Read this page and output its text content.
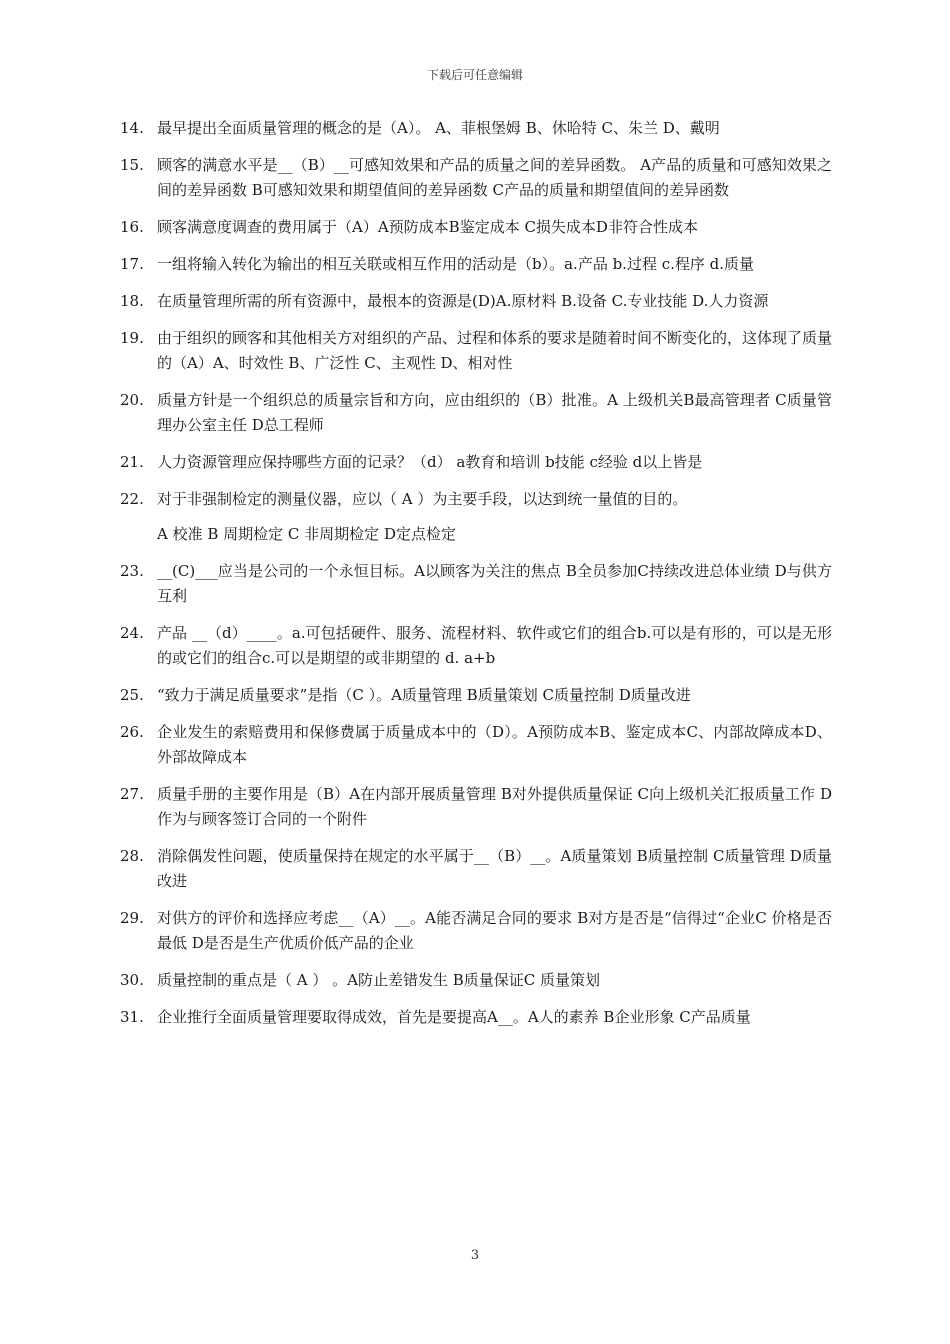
下载后可任意编辑
14. 最早提出全面质量管理的概念的是（A）。 A、菲根堡姆 B、休哈特 C、朱兰 D、戴明
15. 顾客的满意水平是__（B）__可感知效果和产品的质量之间的差异函数。 A产品的质量和可感知效果之间的差异函数 B可感知效果和期望值间的差异函数 C产品的质量和期望值间的差异函数
16. 顾客满意度调查的费用属于（A）A预防成本B鉴定成本 C损失成本D非符合性成本
17. 一组将输入转化为输出的相互关联或相互作用的活动是（b）。a.产品 b.过程 c.程序 d.质量
18. 在质量管理所需的所有资源中，最根本的资源是(D)A.原材料 B.设备 C.专业技能 D.人力资源
19. 由于组织的顾客和其他相关方对组织的产品、过程和体系的要求是随着时间不断变化的，这体现了质量的（A）A、时效性 B、广泛性 C、主观性 D、相对性
20. 质量方针是一个组织总的质量宗旨和方向，应由组织的（B）批准。A 上级机关B最高管理者 C质量管理办公室主任 D总工程师
21. 人力资源管理应保持哪些方面的记录？（d） a教育和培训 b技能 c经验 d以上皆是
22. 对于非强制检定的测量仪器，应以（ A ）为主要手段，以达到统一量值的目的。
A 校准 B 周期检定 C 非周期检定 D定点检定
23. __(C)___应当是公司的一个永恒目标。A以顾客为关注的焦点 B全员参加C持续改进总体业绩 D与供方互利
24. 产品 __（d）____。a.可包括硬件、服务、流程材料、软件或它们的组合b.可以是有形的，可以是无形的或它们的组合c.可以是期望的或非期望的 d. a+b
25. “致力于满足质量要求”是指（C ）。A质量管理 B质量策划 C质量控制 D质量改进
26. 企业发生的索赔费用和保修费属于质量成本中的（D）。A预防成本B、鉴定成本C、内部故障成本D、外部故障成本
27. 质量手册的主要作用是（B）A在内部开展质量管理 B对外提供质量保证 C向上级机关汇报质量工作 D作为与顾客签订合同的一个附件
28. 消除偶发性问题，使质量保持在规定的水平属于__（B）__。A质量策划 B质量控制 C质量管理 D质量改进
29. 对供方的评价和选择应考虑__（A）__。A能否满足合同的要求 B对方是否是“信得过“企业C 价格是否最低 D是否是生产优质价低产品的企业
30. 质量控制的重点是（ A ） 。A防止差错发生 B质量保证C 质量策划
31. 企业推行全面质量管理要取得成效，首先是要提高A__。A人的素养 B企业形象 C产品质量
3
